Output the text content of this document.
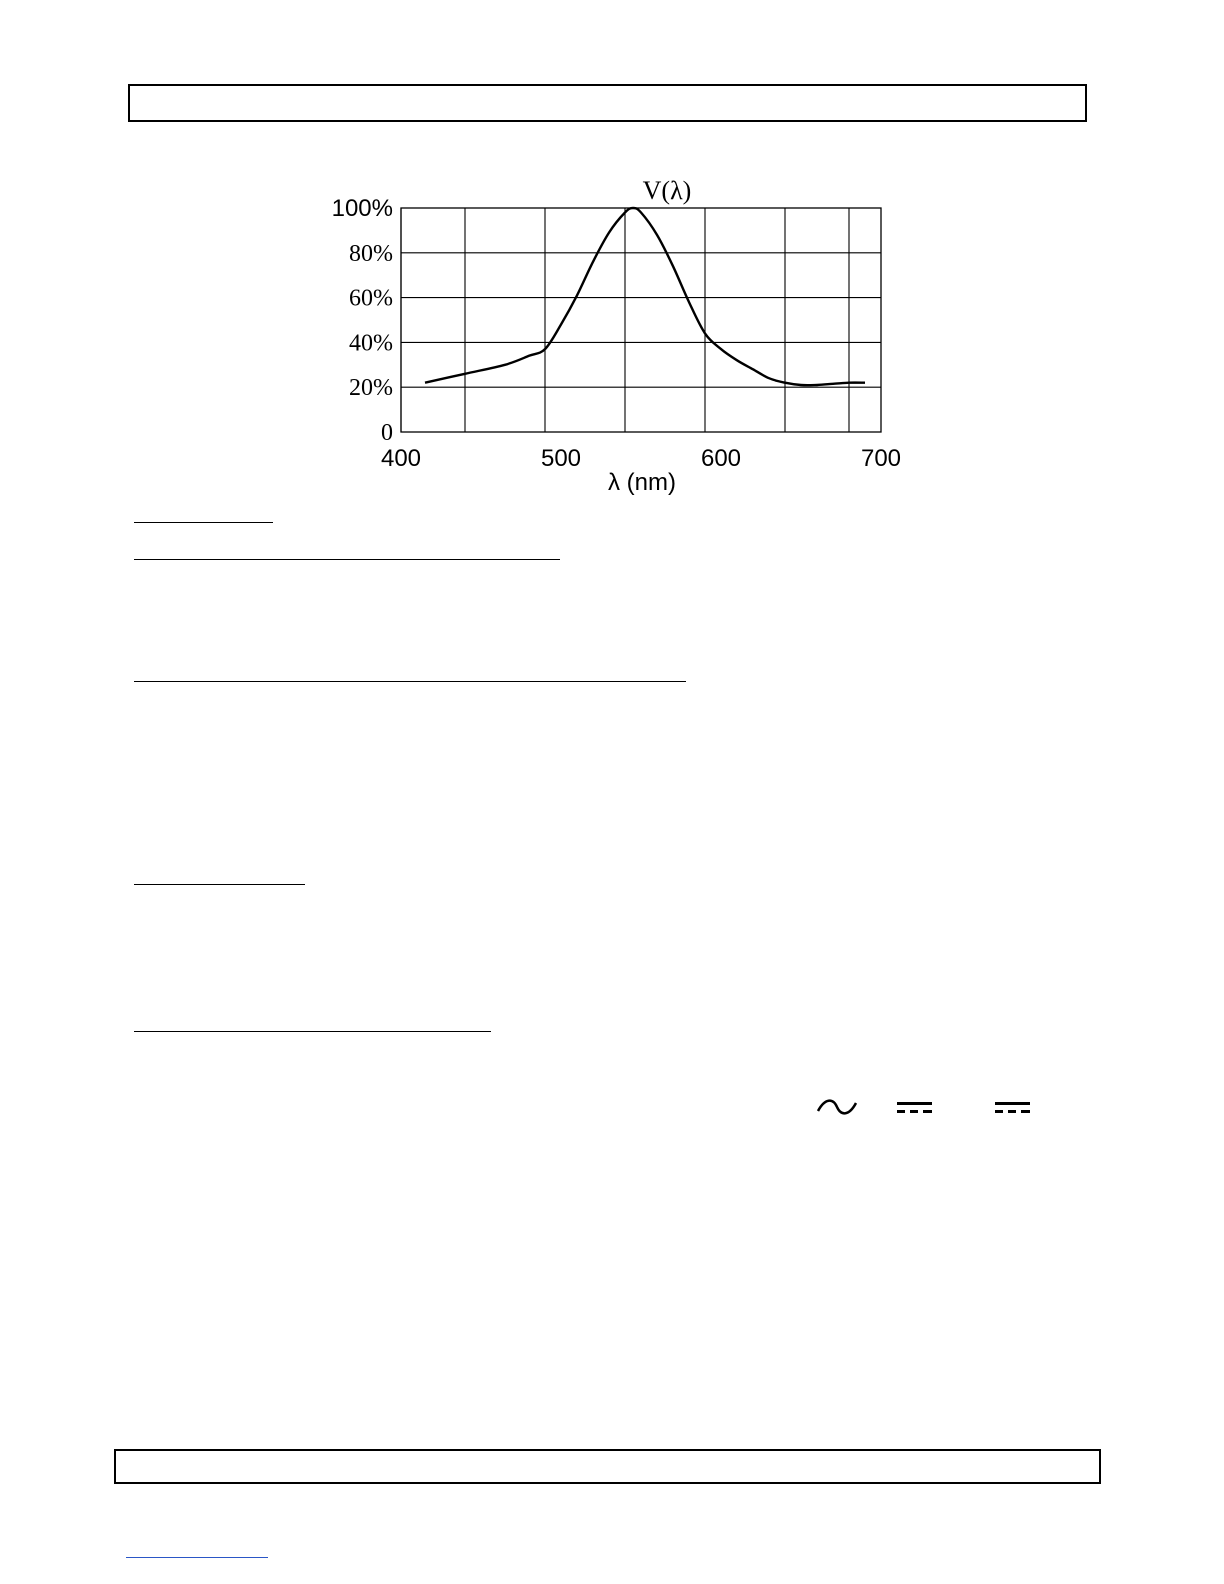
0
20%
40%
60%
80%
100%
400	500	600	700
V(λ)
λ (nm)
